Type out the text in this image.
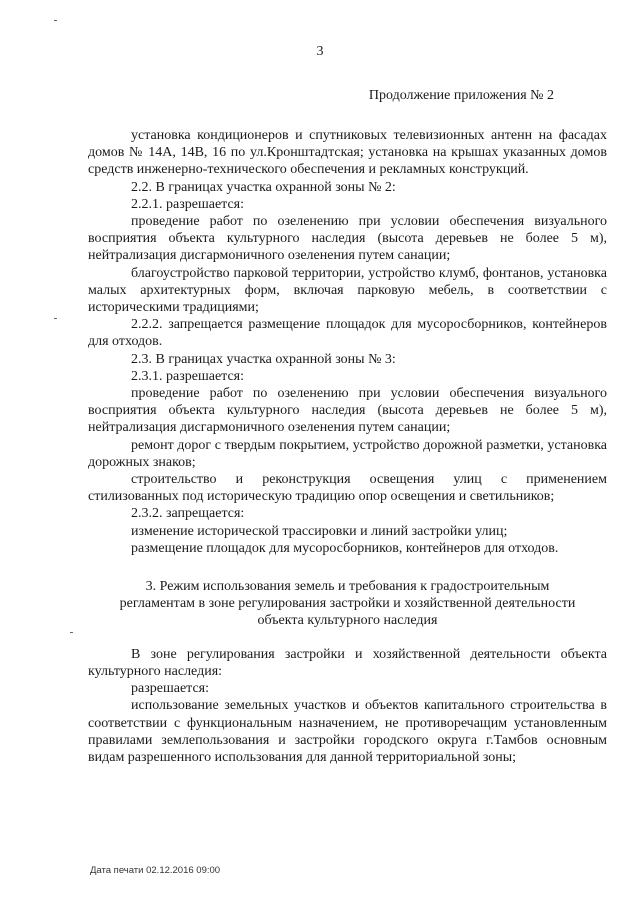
3
Продолжение приложения № 2

установка кондиционеров и спутниковых телевизионных антенн на фасадах домов № 14А, 14В, 16 по ул.Кронштадтская; установка на крышах указанных домов средств инженерно-технического обеспечения и рекламных конструкций.

2.2. В границах участка охранной зоны № 2:

2.2.1. разрешается:

проведение работ по озеленению при условии обеспечения визуального восприятия объекта культурного наследия (высота деревьев не более 5 м), нейтрализация дисгармоничного озеленения путем санации;

благоустройство парковой территории, устройство клумб, фонтанов, установка малых архитектурных форм, включая парковую мебель, в соответствии с историческими традициями;

2.2.2. запрещается размещение площадок для мусоросборников, контейнеров для отходов.

2.3. В границах участка охранной зоны № 3:

2.3.1. разрешается:

проведение работ по озеленению при условии обеспечения визуального восприятия объекта культурного наследия (высота деревьев не более 5 м), нейтрализация дисгармоничного озеленения путем санации;

ремонт дорог с твердым покрытием, устройство дорожной разметки, установка дорожных знаков;

строительство и реконструкция освещения улиц с применением стилизованных под историческую традицию опор освещения и светильников;

2.3.2. запрещается:

изменение исторической трассировки и линий застройки улиц;

размещение площадок для мусоросборников, контейнеров для отходов.

3. Режим использования земель и требования к градостроительным
регламентам в зоне регулирования застройки и хозяйственной деятельности
объекта культурного наследия

В зоне регулирования застройки и хозяйственной деятельности объекта культурного наследия:

разрешается:

использование земельных участков и объектов капитального строительства в соответствии с функциональным назначением, не противоречащим установленным правилами землепользования и застройки городского округа г.Тамбов основным видам разрешенного использования для данной территориальной зоны;

Дата печати 02.12.2016 09:00
